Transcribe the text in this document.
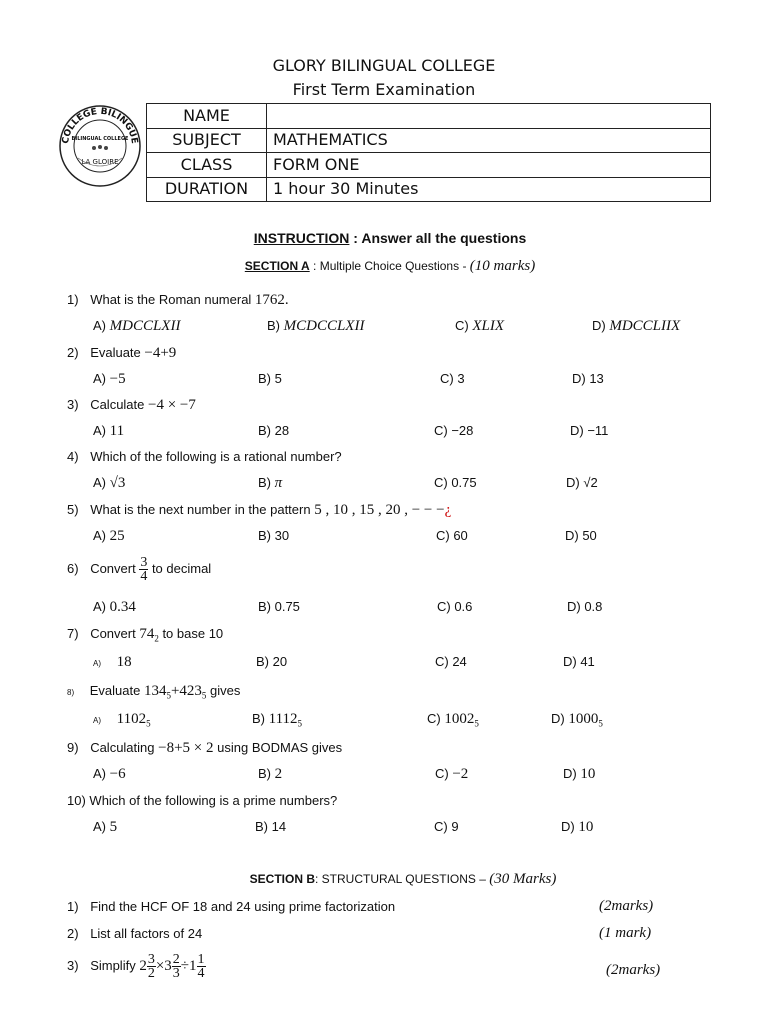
GLORY BILINGUAL COLLEGE
First Term Examination
COLLEGE BILINGUE
BILINGUAL COLLEGE
LA GLOIRE
NAME	
SUBJECT	MATHEMATICS
CLASS	FORM ONE
DURATION	1 hour 30 Minutes
INSTRUCTION : Answer all the questions
SECTION A : Multiple Choice Questions - (10 marks)
1) What is the Roman numeral 1762.
A) MDCCLXII	B) MCDCCLXII	C) XLIX	D) MDCCLIIX
2) Evaluate −4+9
A) −5	B) 5	C) 3	D) 13
3) Calculate −4 × −7
A) 11	B) 28	C) −28	D) −11
4) Which of the following is a rational number?
A) √3	B) π	C) 0.75	D) √2
5) What is the next number in the pattern 5 , 10 , 15 , 20 , − − −¿
A) 25	B) 30	C) 60	D) 50
6) Convert $\frac{3}{4}$ to decimal
A) 0.34	B) 0.75	C) 0.6	D) 0.8
7) Convert $74_2$ to base 10
A) 18	B) 20	C) 24	D) 41
8) Evaluate $134_5+423_5$ gives
A) $1102_5$	B) $1112_5$	C) $1002_5$	D) $1000_5$
9) Calculating −8+5 × 2 using BODMAS gives
A) −6	B) 2	C) −2	D) 10
10) Which of the following is a prime numbers?
A) 5	B) 14	C) 9	D) 10
SECTION B: STRUCTURAL QUESTIONS – (30 Marks)
1) Find the HCF OF 18 and 24 using prime factorization	(2marks)
2) List all factors of 24	(1 mark)
3) Simplify $2 \frac{3}{2} \times 3 \frac{2}{3} \div 1 \frac{1}{4}$	(2marks)
